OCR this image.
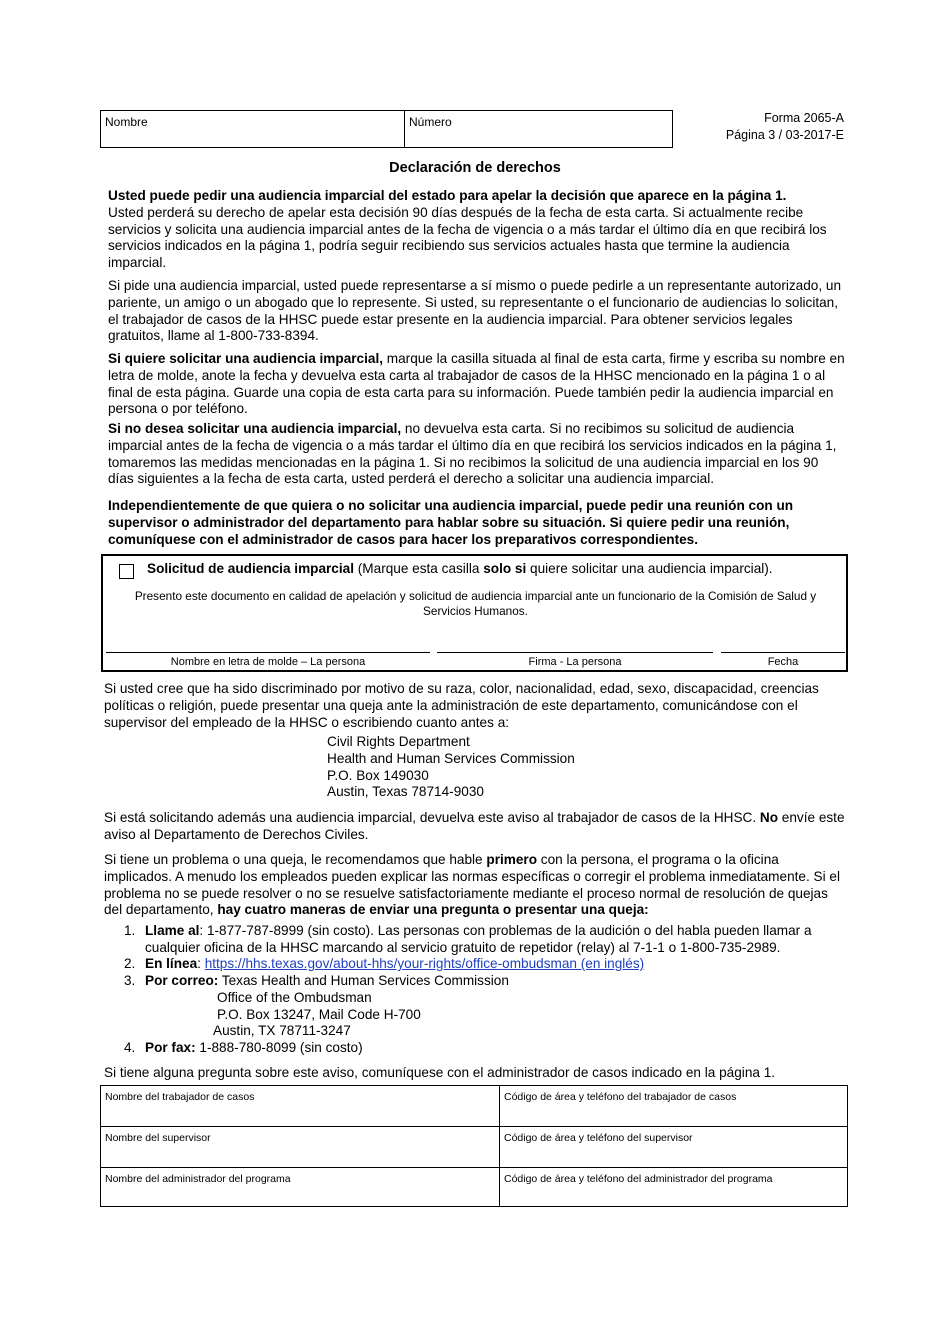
Nombre	Número	Forma 2065-A
Página 3 / 03-2017-E
Declaración de derechos

Usted puede pedir una audiencia imparcial del estado para apelar la decisión que aparece en la página 1.
Usted perderá su derecho de apelar esta decisión 90 días después de la fecha de esta carta. Si actualmente recibe servicios y solicita una audiencia imparcial antes de la fecha de vigencia o a más tardar el último día en que recibirá los servicios indicados en la página 1, podría seguir recibiendo sus servicios actuales hasta que termine la audiencia imparcial.

Si pide una audiencia imparcial, usted puede representarse a sí mismo o puede pedirle a un representante autorizado, un pariente, un amigo o un abogado que lo represente. Si usted, su representante o el funcionario de audiencias lo solicitan, el trabajador de casos de la HHSC puede estar presente en la audiencia imparcial. Para obtener servicios legales gratuitos, llame al 1-800-733-8394.

Si quiere solicitar una audiencia imparcial, marque la casilla situada al final de esta carta, firme y escriba su nombre en letra de molde, anote la fecha y devuelva esta carta al trabajador de casos de la HHSC mencionado en la página 1 o al final de esta página. Guarde una copia de esta carta para su información. Puede también pedir la audiencia imparcial en persona o por teléfono.

Si no desea solicitar una audiencia imparcial, no devuelva esta carta. Si no recibimos su solicitud de audiencia imparcial antes de la fecha de vigencia o a más tardar el último día en que recibirá los servicios indicados en la página 1, tomaremos las medidas mencionadas en la página 1. Si no recibimos la solicitud de una audiencia imparcial en los 90 días siguientes a la fecha de esta carta, usted perderá el derecho a solicitar una audiencia imparcial.

Independientemente de que quiera o no solicitar una audiencia imparcial, puede pedir una reunión con un supervisor o administrador del departamento para hablar sobre su situación. Si quiere pedir una reunión, comuníquese con el administrador de casos para hacer los preparativos correspondientes.

Solicitud de audiencia imparcial (Marque esta casilla solo si quiere solicitar una audiencia imparcial).
Presento este documento en calidad de apelación y solicitud de audiencia imparcial ante un funcionario de la Comisión de Salud y Servicios Humanos.
Nombre en letra de molde – La persona	Firma - La persona	Fecha

Si usted cree que ha sido discriminado por motivo de su raza, color, nacionalidad, edad, sexo, discapacidad, creencias políticas o religión, puede presentar una queja ante la administración de este departamento, comunicándose con el supervisor del empleado de la HHSC o escribiendo cuanto antes a:

Civil Rights Department
Health and Human Services Commission
P.O. Box 149030
Austin, Texas 78714-9030

Si está solicitando además una audiencia imparcial, devuelva este aviso al trabajador de casos de la HHSC. No envíe este aviso al Departamento de Derechos Civiles.

Si tiene un problema o una queja, le recomendamos que hable primero con la persona, el programa o la oficina implicados. A menudo los empleados pueden explicar las normas específicas o corregir el problema inmediatamente. Si el problema no se puede resolver o no se resuelve satisfactoriamente mediante el proceso normal de resolución de quejas del departamento, hay cuatro maneras de enviar una pregunta o presentar una queja:

1. Llame al: 1-877-787-8999 (sin costo). Las personas con problemas de la audición o del habla pueden llamar a cualquier oficina de la HHSC marcando al servicio gratuito de repetidor (relay) al 7-1-1 o 1-800-735-2989.
2. En línea: https://hhs.texas.gov/about-hhs/your-rights/office-ombudsman (en inglés)
3. Por correo: Texas Health and Human Services Commission
Office of the Ombudsman
P.O. Box 13247, Mail Code H-700
Austin, TX 78711-3247
4. Por fax: 1-888-780-8099 (sin costo)

Si tiene alguna pregunta sobre este aviso, comuníquese con el administrador de casos indicado en la página 1.

Nombre del trabajador de casos	Código de área y teléfono del trabajador de casos
Nombre del supervisor	Código de área y teléfono del supervisor
Nombre del administrador del programa	Código de área y teléfono del administrador del programa
